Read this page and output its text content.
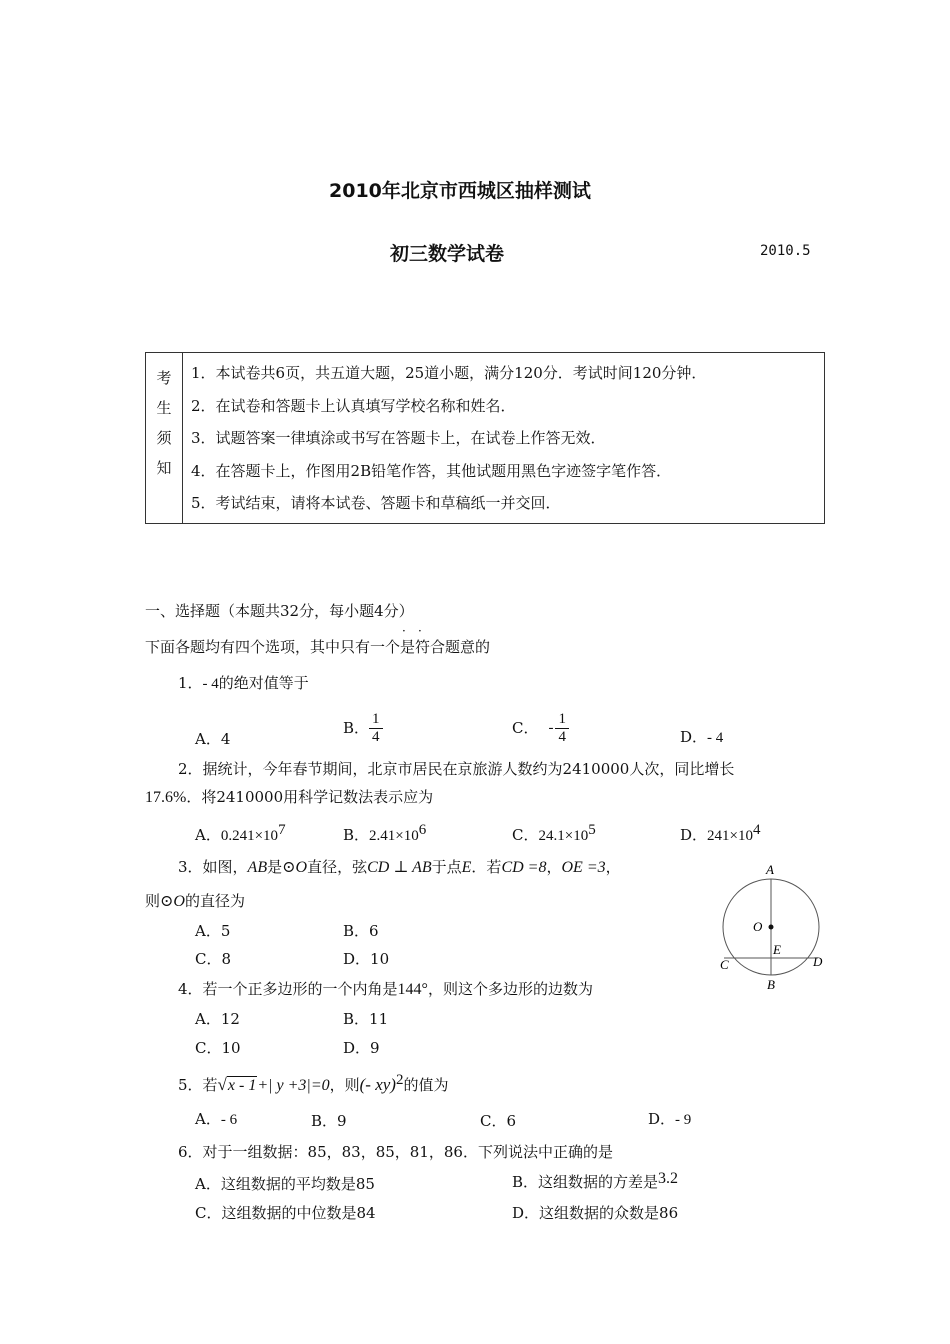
2010年北京市西城区抽样测试
初三数学试卷	2010.5
考
生
须
知

1．本试卷共6页，共五道大题，25道小题，满分120分．考试时间120分钟．
2．在试卷和答题卡上认真填写学校名称和姓名．
3．试题答案一律填涂或书写在答题卡上，在试卷上作答无效．
4．在答题卡上，作图用2B铅笔作答，其他试题用黑色字迹签字笔作答．
5．考试结束，请将本试卷、答题卡和草稿纸一并交回．
一、选择题（本题共32分，每小题4分）
下面各题均有四个选项，其中只有一个是符合题意的
· ·
1．- 4的绝对值等于
A．4
B． $\frac{1}{4}$	C． - $\frac{1}{4}$	D．- 4
2．据统计，今年春节期间，北京市居民在京旅游人数约为2410000人次，同比增长
17.6%．将2410000用科学记数法表示应为
A．$0.241\times 10^7$	B．$2.41\times 10^6$	C．$24.1\times 10^5$	D．$241\times 10^4$
3．如图，AB是⊙O直径，弦CD ⊥ AB于点E．若CD =8，OE =3，
则⊙O的直径为
A．5	B．6
C．8	D．10
A
O
E
C	D
B
4．若一个正多边形的一个内角是144°，则这个多边形的边数为
A．12	B．11
C．10	D．9
5．若√x - 1+| y +3|=0，则(- xy)$^2$的值为
A．- 6	B．9	C．6	D．- 9
6．对于一组数据：85，83，85，81，86．下列说法中正确的是
A．这组数据的平均数是85	B．这组数据的方差是3.2
C．这组数据的中位数是84	D．这组数据的众数是86
